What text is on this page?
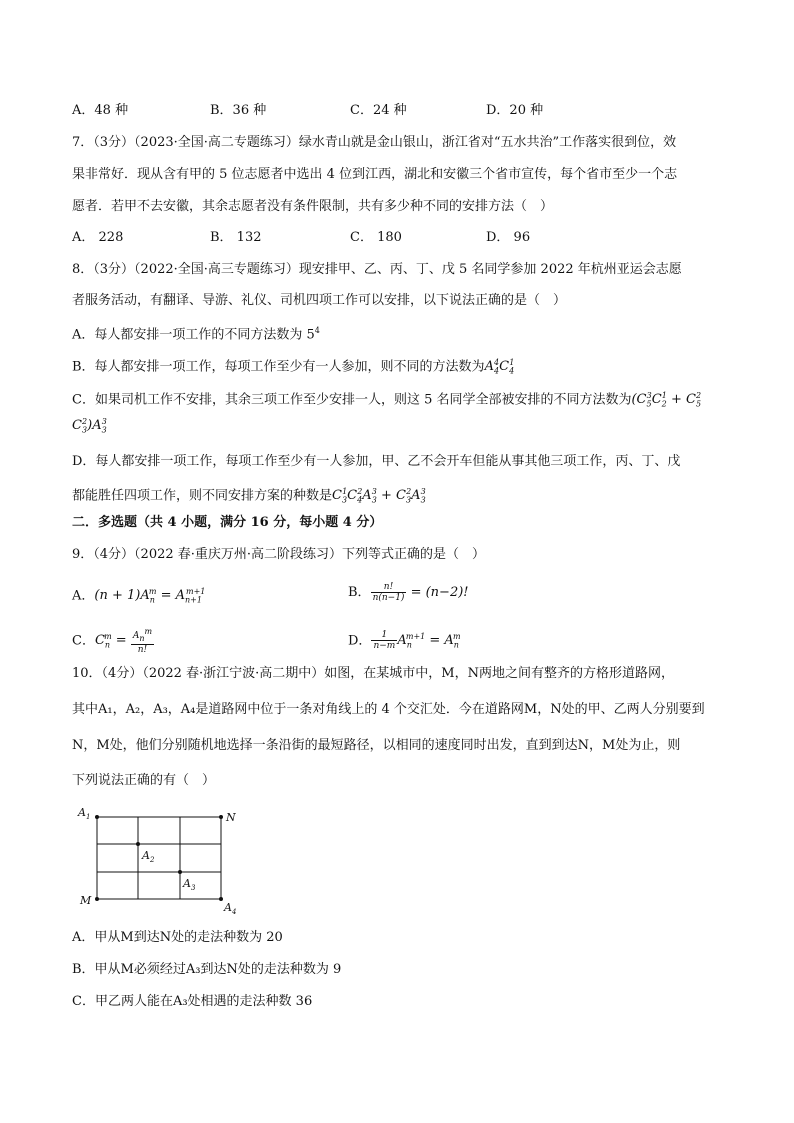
A．48 种	B．36 种	C．24 种	D．20 种
7．（3分）（2023·全国·高二专题练习）绿水青山就是金山银山，浙江省对“五水共治”工作落实很到位，效
果非常好．现从含有甲的 5 位志愿者中选出 4 位到江西，湖北和安徽三个省市宣传，每个省市至少一个志
愿者．若甲不去安徽，其余志愿者没有条件限制，共有多少种不同的安排方法（　）
A． 228	B． 132	C． 180	D． 96
8．（3分）（2022·全国·高三专题练习）现安排甲、乙、丙、丁、戊 5 名同学参加 2022 年杭州亚运会志愿
者服务活动，有翻译、导游、礼仪、司机四项工作可以安排，以下说法正确的是（　）
A．每人都安排一项工作的不同方法数为 $5^4$
B．每人都安排一项工作，每项工作至少有一人参加，则不同的方法数为$A_4^4C_4^1$
C．如果司机工作不安排，其余三项工作至少安排一人，则这 5 名同学全部被安排的不同方法数为($C_5^3C_2^1 + C_5^2$
$C_3^2)A_3^3$
D．每人都安排一项工作，每项工作至少有一人参加，甲、乙不会开车但能从事其他三项工作，丙、丁、戊
都能胜任四项工作，则不同安排方案的种数是$C_3^1C_4^2A_3^3 + C_3^2A_3^3$
二．多选题（共 4 小题，满分 16 分，每小题 4 分）
9．（4分）（2022 春·重庆万州·高二阶段练习）下列等式正确的是（　）
A．$(n + 1)A_n^m = A_{n+1}^{m+1}$	B． $\frac{n!}{n(n-1)} = (n-2)$!
C．$C_n^m = \frac{A_n^m}{n!}$	D． $\frac{1}{n-m} A_n^{m+1} = A_n^m$
10．（4分）（2022 春·浙江宁波·高二期中）如图，在某城市中，M，N两地之间有整齐的方格形道路网，
其中A₁，A₂，A₃，A₄是道路网中位于一条对角线上的 4 个交汇处．今在道路网M，N处的甲、乙两人分别要到
N，M处，他们分别随机地选择一条沿街的最短路径，以相同的速度同时出发，直到到达N，M处为止，则
下列说法正确的有（　）
$A_1$	N
$A_2$
$A_3$
M
$A_4$
A．甲从M到达N处的走法种数为 20
B．甲从M必须经过A₃到达N处的走法种数为 9
C．甲乙两人能在A₃处相遇的走法种数 36
